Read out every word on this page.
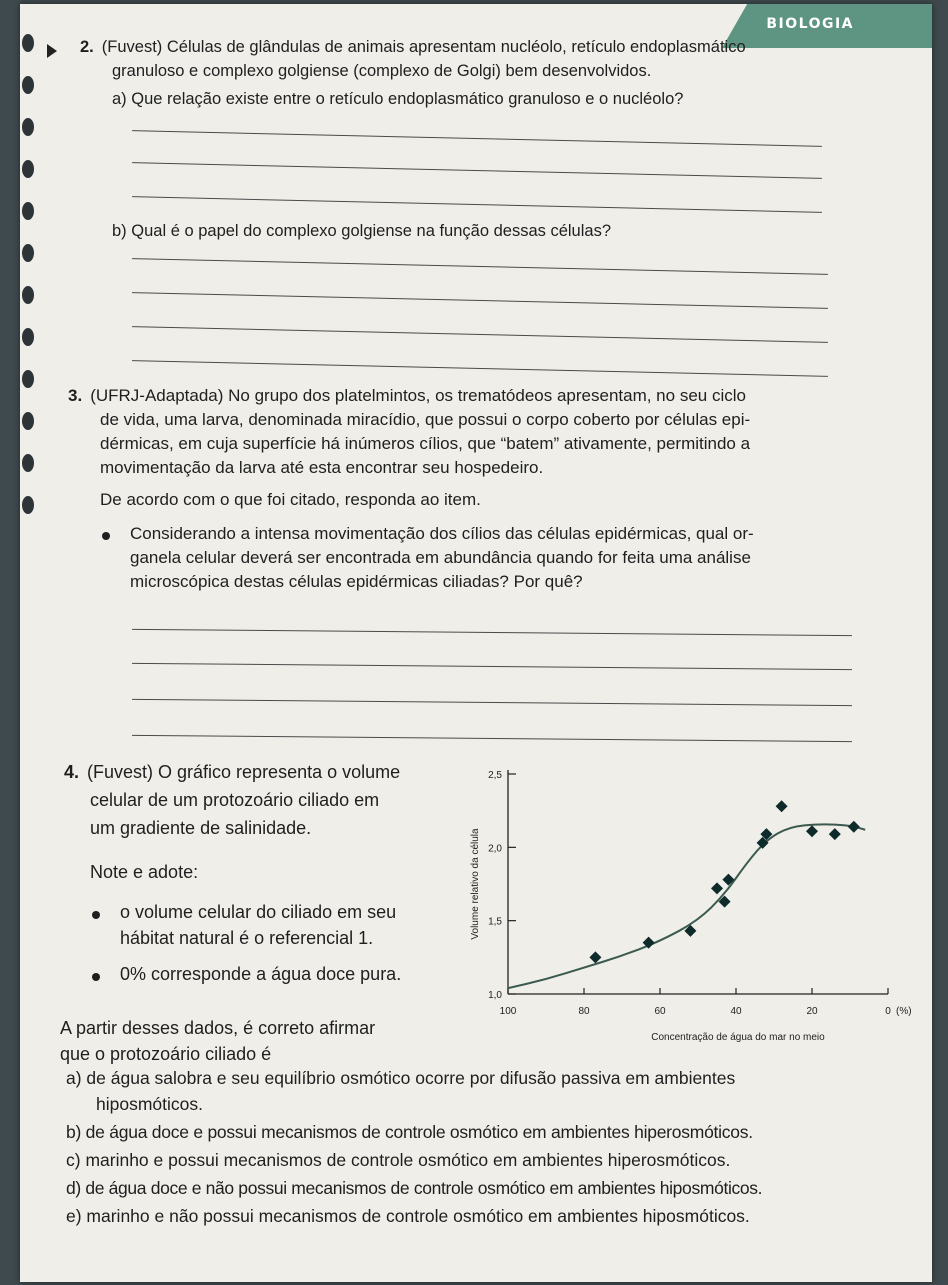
BIOLOGIA
2. (Fuvest) Células de glândulas de animais apresentam nucléolo, retículo endoplasmático
granuloso e complexo golgiense (complexo de Golgi) bem desenvolvidos.
a) Que relação existe entre o retículo endoplasmático granuloso e o nucléolo?
b) Qual é o papel do complexo golgiense na função dessas células?
3. (UFRJ-Adaptada) No grupo dos platelmintos, os trematódeos apresentam, no seu ciclo
de vida, uma larva, denominada miracídio, que possui o corpo coberto por células epi-
dérmicas, em cuja superfície há inúmeros cílios, que “batem” ativamente, permitindo a
movimentação da larva até esta encontrar seu hospedeiro.
De acordo com o que foi citado, responda ao item.
Considerando a intensa movimentação dos cílios das células epidérmicas, qual or-
ganela celular deverá ser encontrada em abundância quando for feita uma análise
microscópica destas células epidérmicas ciliadas? Por quê?
4. (Fuvest) O gráfico representa o volume
celular de um protozoário ciliado em
um gradiente de salinidade.
Note e adote:
o volume celular do ciliado em seu
hábitat natural é o referencial 1.
0% corresponde a água doce pura.
A partir desses dados, é correto afirmar
que o protozoário ciliado é
a) de água salobra e seu equilíbrio osmótico ocorre por difusão passiva em ambientes
hiposmóticos.
b) de água doce e possui mecanismos de controle osmótico em ambientes hiperosmóticos.
c) marinho e possui mecanismos de controle osmótico em ambientes hiperosmóticos.
d) de água doce e não possui mecanismos de controle osmótico em ambientes hiposmóticos.
e) marinho e não possui mecanismos de controle osmótico em ambientes hiposmóticos.
1,0
1,5
2,0
2,5
100	80	60	40	20	0 (%)
Concentração de água do mar no meio
Volume relativo da célula
